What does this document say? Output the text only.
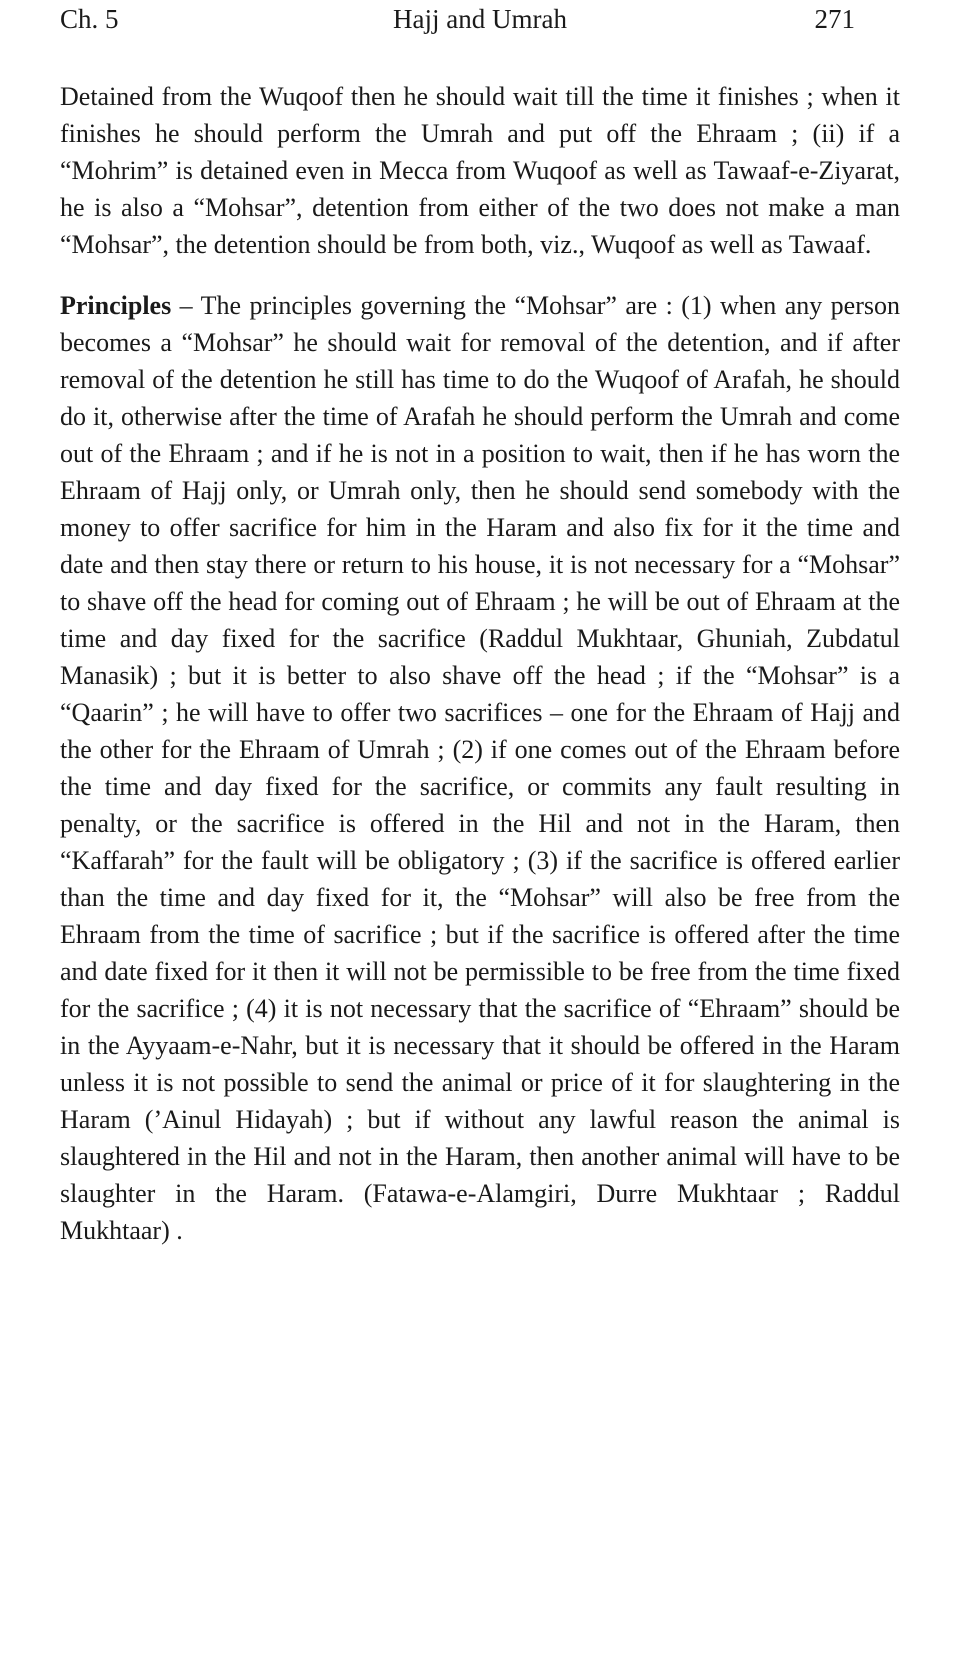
Ch. 5	Hajj and Umrah	271

Detained from the Wuqoof then he should wait till the time it finishes ; when it finishes he should perform the Umrah and put off the Ehraam ; (ii) if a “Mohrim” is detained even in Mecca from Wuqoof as well as Tawaaf-e-Ziyarat, he is also a “Mohsar”, detention from either of the two does not make a man “Mohsar”, the detention should be from both, viz., Wuqoof as well as Tawaaf.

Principles – The principles governing the “Mohsar” are : (1) when any person becomes a “Mohsar” he should wait for removal of the detention, and if after removal of the detention he still has time to do the Wuqoof of Arafah, he should do it, otherwise after the time of Arafah he should perform the Umrah and come out of the Ehraam ; and if he is not in a position to wait, then if he has worn the Ehraam of Hajj only, or Umrah only, then he should send somebody with the money to offer sacrifice for him in the Haram and also fix for it the time and date and then stay there or return to his house, it is not necessary for a “Mohsar” to shave off the head for coming out of Ehraam ; he will be out of Ehraam at the time and day fixed for the sacrifice (Raddul Mukhtaar, Ghuniah, Zubdatul Manasik) ; but it is better to also shave off the head ; if the “Mohsar” is a “Qaarin” ; he will have to offer two sacrifices – one for the Ehraam of Hajj and the other for the Ehraam of Umrah ; (2) if one comes out of the Ehraam before the time and day fixed for the sacrifice, or commits any fault resulting in penalty, or the sacrifice is offered in the Hil and not in the Haram, then “Kaffarah” for the fault will be obligatory ; (3) if the sacrifice is offered earlier than the time and day fixed for it, the “Mohsar” will also be free from the Ehraam from the time of sacrifice ; but if the sacrifice is offered after the time and date fixed for it then it will not be permissible to be free from the time fixed for the sacrifice ; (4) it is not necessary that the sacrifice of “Ehraam” should be in the Ayyaam-e-Nahr, but it is necessary that it should be offered in the Haram unless it is not possible to send the animal or price of it for slaughtering in the Haram (’Ainul Hidayah) ; but if without any lawful reason the animal is slaughtered in the Hil and not in the Haram, then another animal will have to be slaughter in the Haram. (Fatawa-e-Alamgiri, Durre Mukhtaar ; Raddul Mukhtaar) .
